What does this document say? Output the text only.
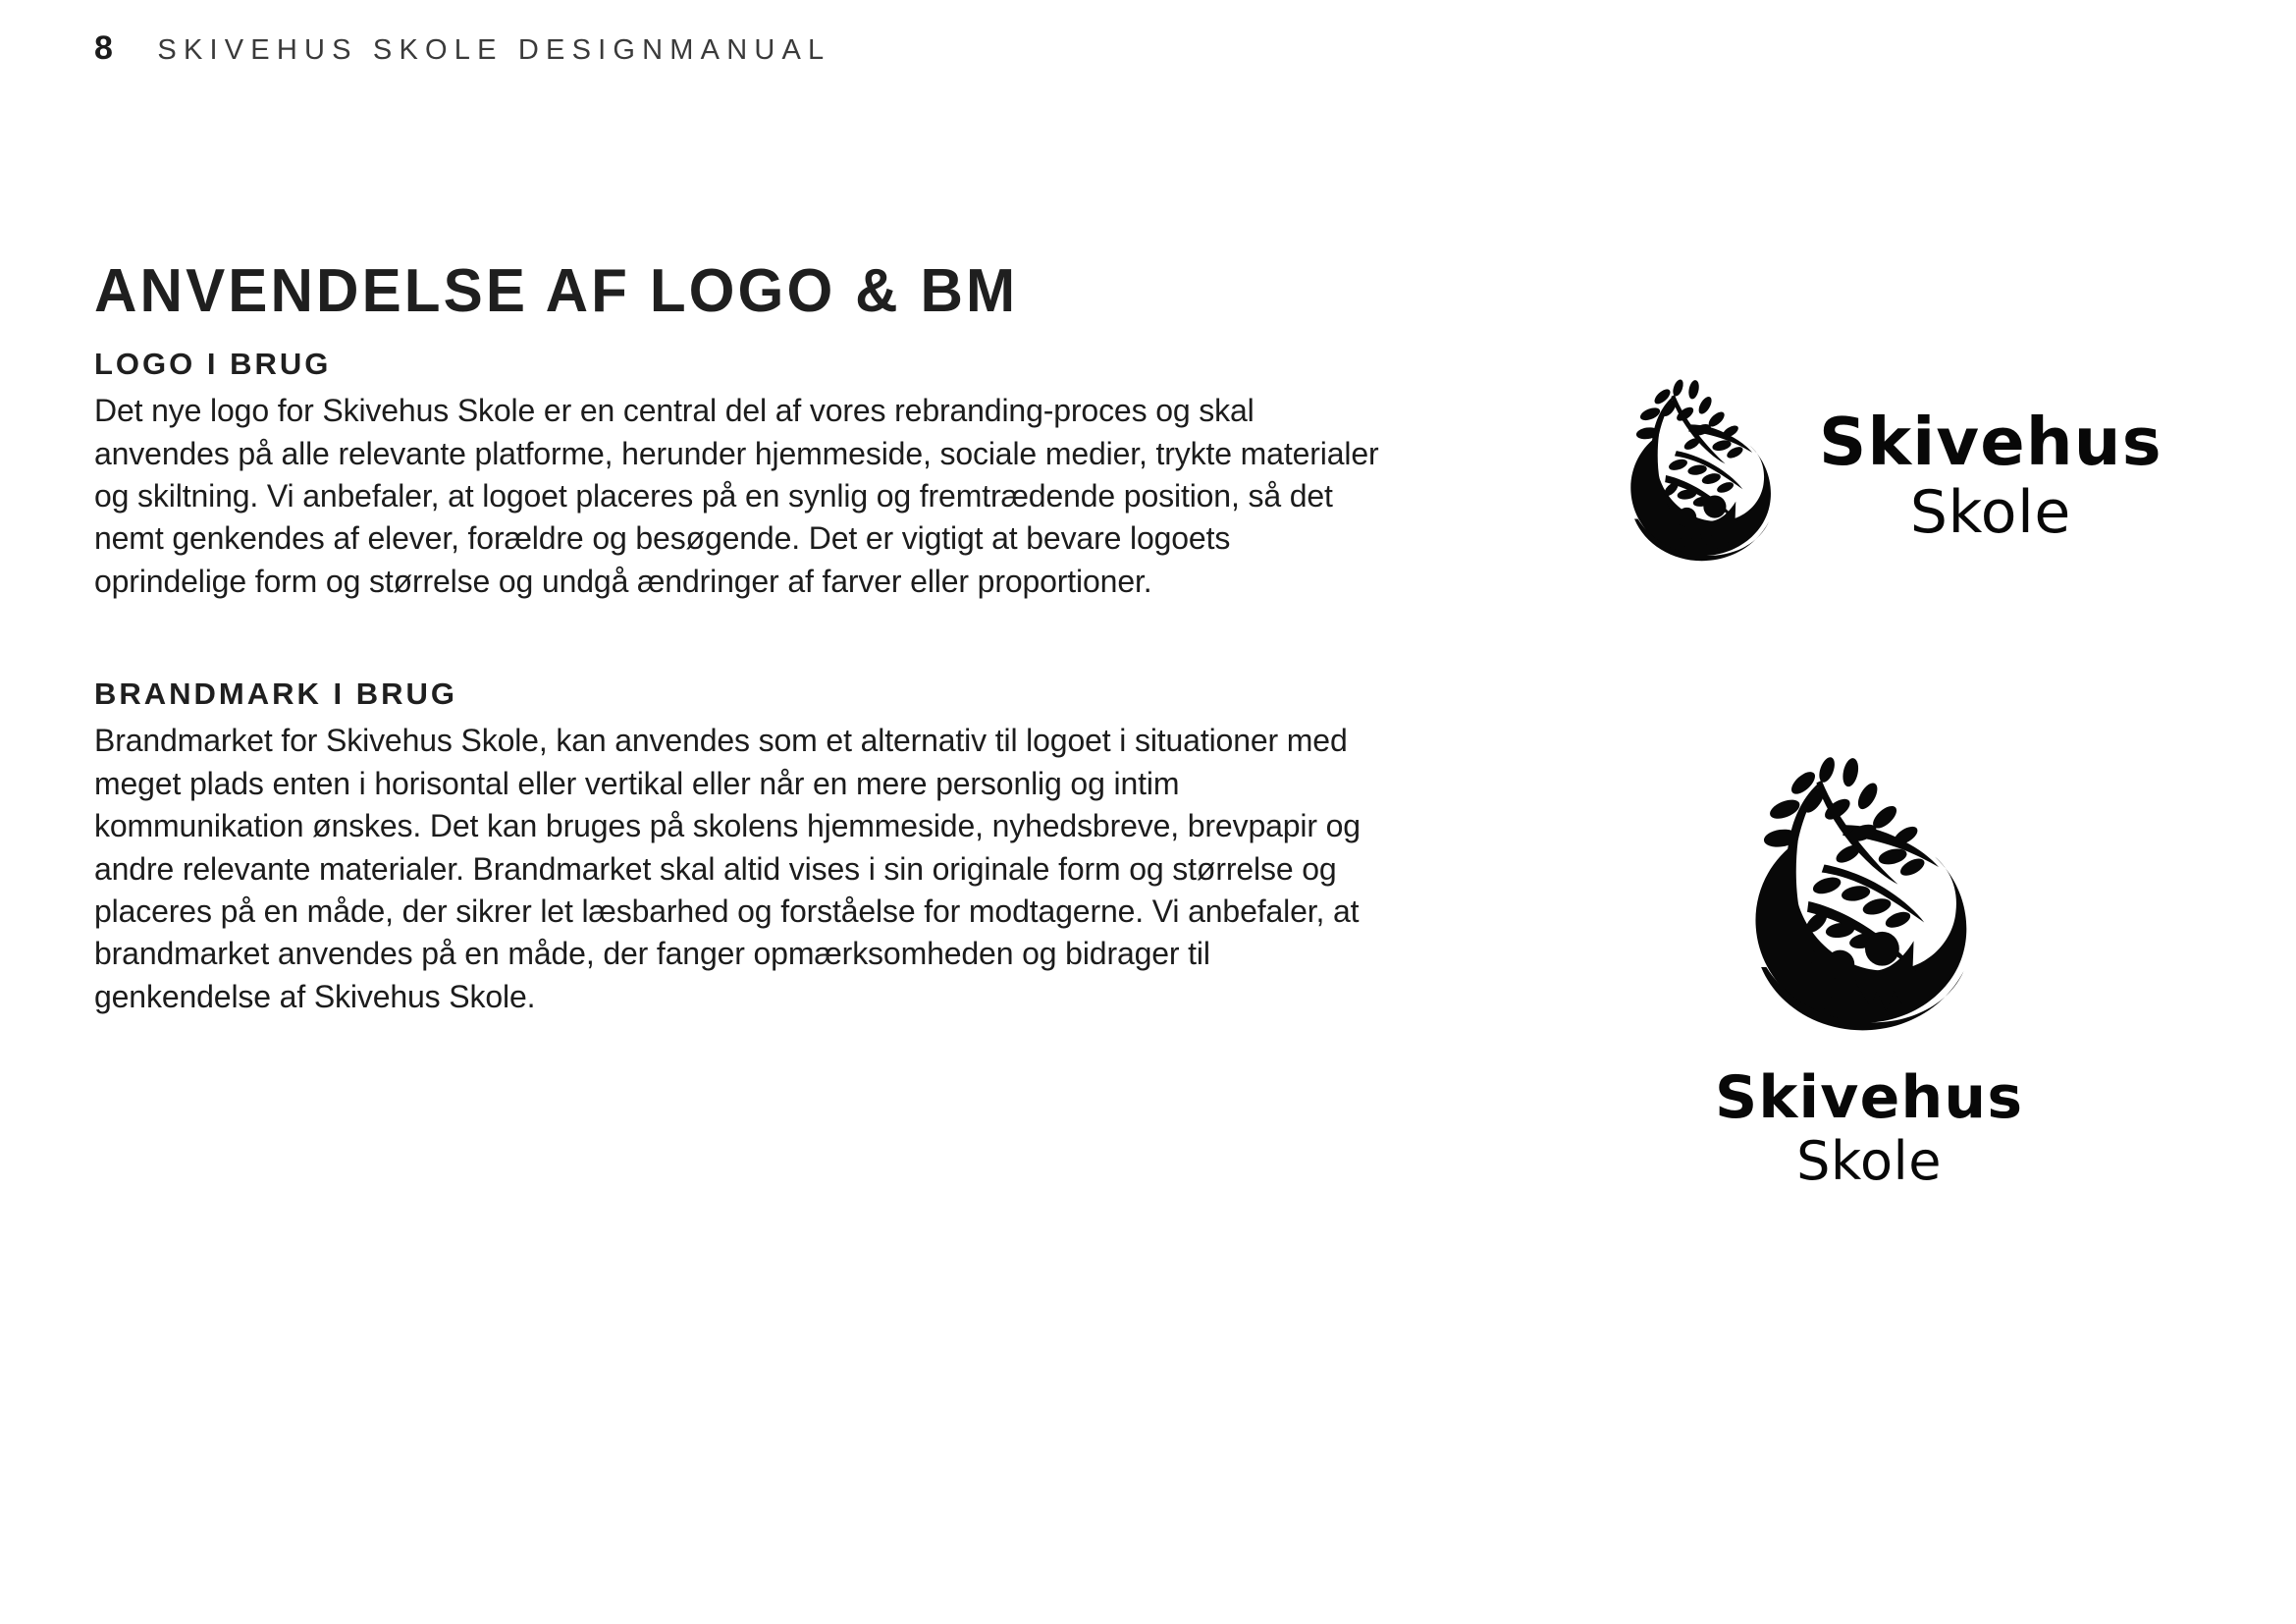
8 SKIVEHUS SKOLE DESIGNMANUAL
ANVENDELSE AF LOGO & BM
LOGO I BRUG

Det nye logo for Skivehus Skole er en central del af vores rebranding-proces og skal anvendes på alle relevante platforme, herunder hjemmeside, sociale medier, trykte materialer og skiltning. Vi anbefaler, at logoet placeres på en synlig og fremtrædende position, så det nemt genkendes af elever, forældre og besøgende. Det er vigtigt at bevare logoets oprindelige form og størrelse og undgå ændringer af farver eller proportioner.

BRANDMARK I BRUG

Brandmarket for Skivehus Skole, kan anvendes som et alternativ til logoet i situationer med meget plads enten i horisontal eller vertikal eller når en mere personlig og intim kommunikation ønskes. Det kan bruges på skolens hjemmeside, nyhedsbreve, brevpapir og andre relevante materialer. Brandmarket skal altid vises i sin originale form og størrelse og placeres på en måde, der sikrer let læsbarhed og forståelse for modtagerne. Vi anbefaler, at brandmarket anvendes på en måde, der fanger opmærksomheden og bidrager til genkendelse af Skivehus Skole.

Skivehus
Skole
Skivehus
Skole
